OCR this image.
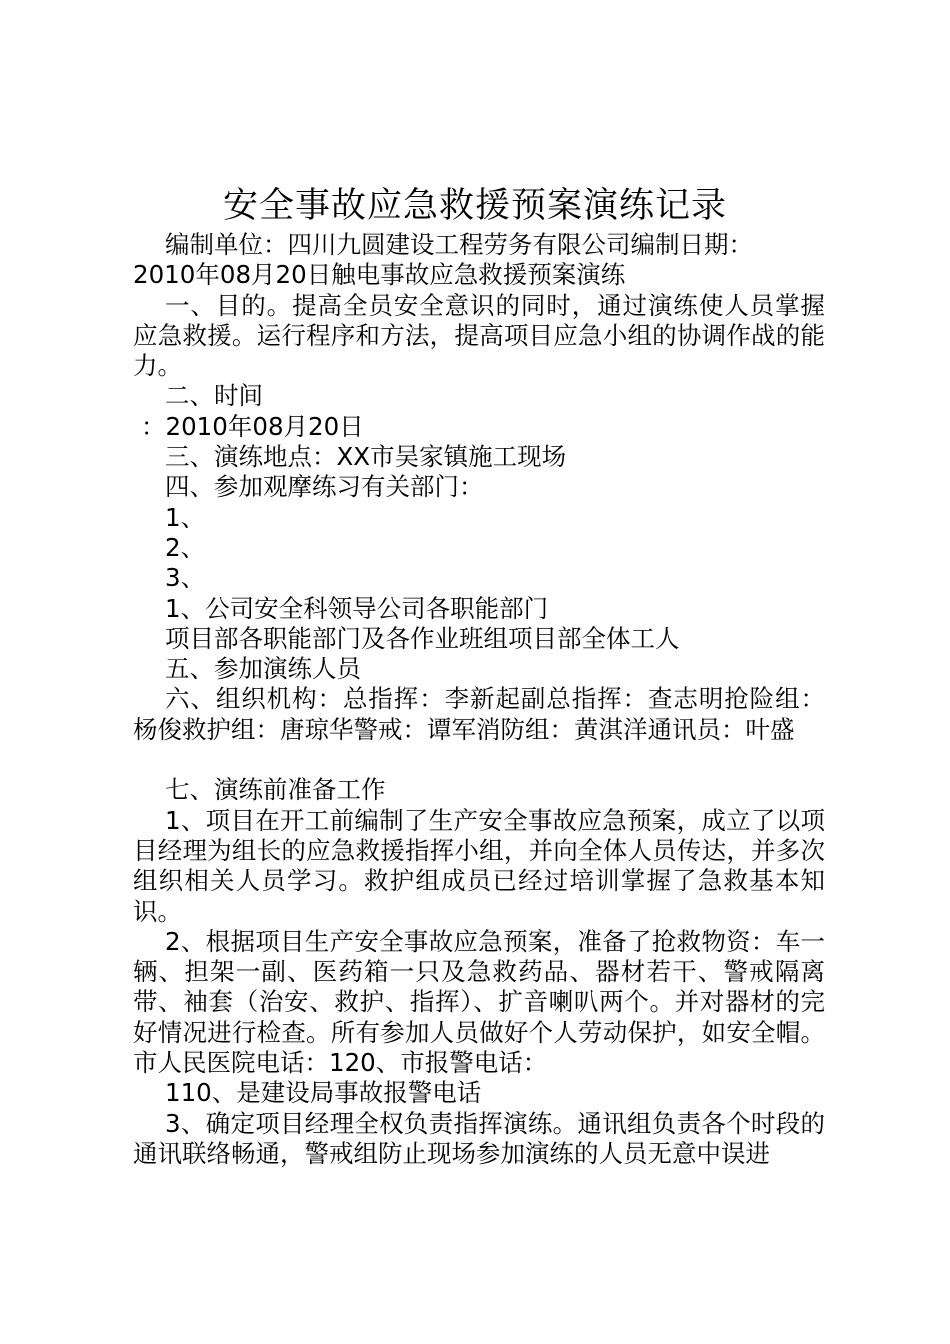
安全事故应急救援预案演练记录

编制单位：四川九圆建设工程劳务有限公司编制日期：

2010年08月20日触电事故应急救援预案演练

一、目的。提高全员安全意识的同时，通过演练使人员掌握应急救援。运行程序和方法，提高项目应急小组的协调作战的能力。

二、时间

：2010年08月20日

三、演练地点：XX市吴家镇施工现场

四、参加观摩练习有关部门：

1、

2、

3、

1、公司安全科领导公司各职能部门

项目部各职能部门及各作业班组项目部全体工人

五、参加演练人员

六、组织机构：总指挥：李新起副总指挥：查志明抢险组：杨俊救护组：唐琼华警戒：谭军消防组：黄淇洋通讯员：叶盛

七、演练前准备工作

1、项目在开工前编制了生产安全事故应急预案，成立了以项目经理为组长的应急救援指挥小组，并向全体人员传达，并多次组织相关人员学习。救护组成员已经过培训掌握了急救基本知识。

2、根据项目生产安全事故应急预案，准备了抢救物资：车一辆、担架一副、医药箱一只及急救药品、器材若干、警戒隔离带、袖套（治安、救护、指挥）、扩音喇叭两个。并对器材的完好情况进行检查。所有参加人员做好个人劳动保护，如安全帽。市人民医院电话：120、市报警电话：

110、是建设局事故报警电话

3、确定项目经理全权负责指挥演练。通讯组负责各个时段的通讯联络畅通，警戒组防止现场参加演练的人员无意中误进
